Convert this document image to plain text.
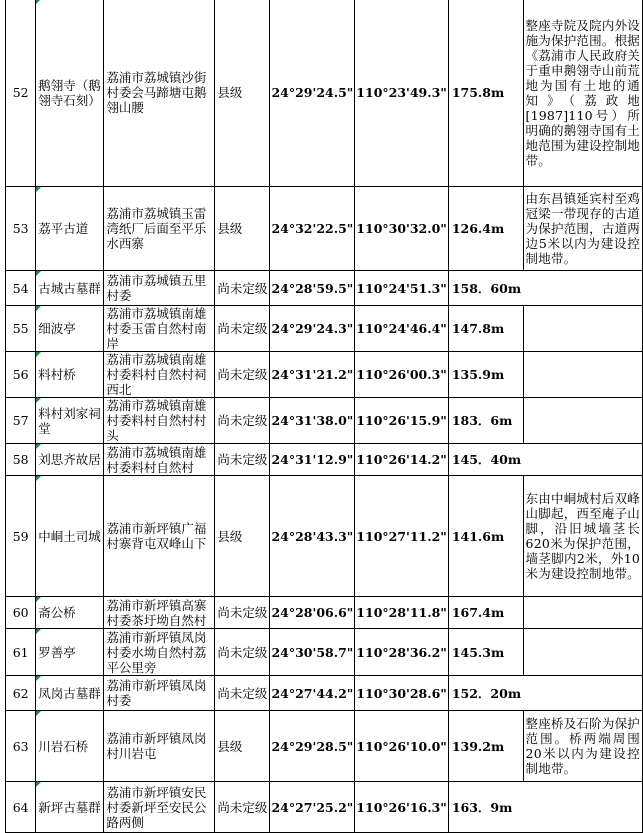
52	鹅翎寺（鹅翎寺石刻）	荔浦市荔城镇沙街村委会马蹄塘屯鹅翎山腰	县级	24°29'24.5"	110°23'49.3"	175.8m	整座寺院及院内外设施为保护范围。根据《荔浦市人民政府关于重申鹅翎寺山前荒地为国有土地的通知》（荔政地[1987]110号）所明确的鹅翎寺国有土地范围为建设控制地带。
53	荔平古道	荔浦市荔城镇玉雷湾纸厂后面至平乐水西寨	县级	24°32'22.5"	110°30'32.0"	126.4m	由东昌镇延宾村至鸡冠梁一带现存的古道为保护范围，古道两边5米以内为建设控制地带。
54	古城古墓群	荔浦市荔城镇五里村委	尚未定级	24°28'59.5"	110°24'51.3"	158．60m	
55	细波亭	荔浦市荔城镇南雄村委玉雷自然村南岸	尚未定级	24°29'24.3"	110°24'46.4"	147.8m	
56	料村桥	荔浦市荔城镇南雄村委料村自然村祠西北	尚未定级	24°31'21.2"	110°26'00.3"	135.9m	
57	料村刘家祠堂	荔浦市荔城镇南雄村委料村自然村村头	尚未定级	24°31'38.0"	110°26'15.9"	183．6m	
58	刘思齐故居	荔浦市荔城镇南雄村委料村自然村	尚未定级	24°31'12.9"	110°26'14.2"	145．40m	
59	中峒土司城	荔浦市新坪镇广福村寨背屯双峰山下	县级	24°28'43.3"	110°27'11.2"	141.6m	东由中峒城村后双峰山脚起，西至庵子山脚，沿旧城墙茎长620米为保护范围，墙茎脚内2米，外10米为建设控制地带。
60	斋公桥	荔浦市新坪镇高寨村委茶圩坳自然村	尚未定级	24°28'06.6"	110°28'11.8"	167.4m	
61	罗善亭	荔浦市新坪镇凤岗村委水坳自然村荔平公里旁	尚未定级	24°30'58.7"	110°28'36.2"	145.3m	
62	凤岗古墓群	荔浦市新坪镇凤岗村委	尚未定级	24°27'44.2"	110°30'28.6"	152．20m	
63	川岩石桥	荔浦市新坪镇凤岗村川岩屯	县级	24°29'28.5"	110°26'10.0"	139.2m	整座桥及石阶为保护范围。桥两端周围20米以内为建设控制地带。
64	新坪古墓群	荔浦市新坪镇安民村委新坪至安民公路两侧	尚未定级	24°27'25.2"	110°26'16.3"	163．9m	
